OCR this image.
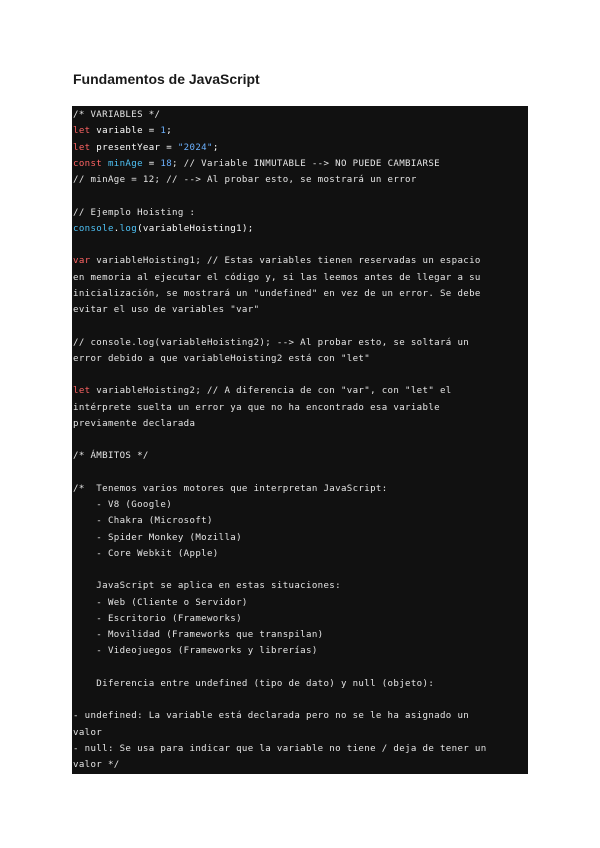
Fundamentos de JavaScript
/* VARIABLES */
let variable = 1;
let presentYear = "2024";
const minAge = 18; // Variable INMUTABLE --> NO PUEDE CAMBIARSE
// minAge = 12; // --> Al probar esto, se mostrará un error

// Ejemplo Hoisting :
console.log(variableHoisting1);

var variableHoisting1; // Estas variables tienen reservadas un espacio
en memoria al ejecutar el código y, si las leemos antes de llegar a su
inicialización, se mostrará un "undefined" en vez de un error. Se debe
evitar el uso de variables "var"

// console.log(variableHoisting2); --> Al probar esto, se soltará un
error debido a que variableHoisting2 está con "let"

let variableHoisting2; // A diferencia de con "var", con "let" el
intérprete suelta un error ya que no ha encontrado esa variable
previamente declarada

/* ÁMBITOS */

/*  Tenemos varios motores que interpretan JavaScript:
- V8 (Google)
- Chakra (Microsoft)
- Spider Monkey (Mozilla)
- Core Webkit (Apple)

JavaScript se aplica en estas situaciones:
- Web (Cliente o Servidor)
- Escritorio (Frameworks)
- Movilidad (Frameworks que transpilan)
- Videojuegos (Frameworks y librerías)

Diferencia entre undefined (tipo de dato) y null (objeto):

- undefined: La variable está declarada pero no se le ha asignado un
valor
- null: Se usa para indicar que la variable no tiene / deja de tener un
valor */
